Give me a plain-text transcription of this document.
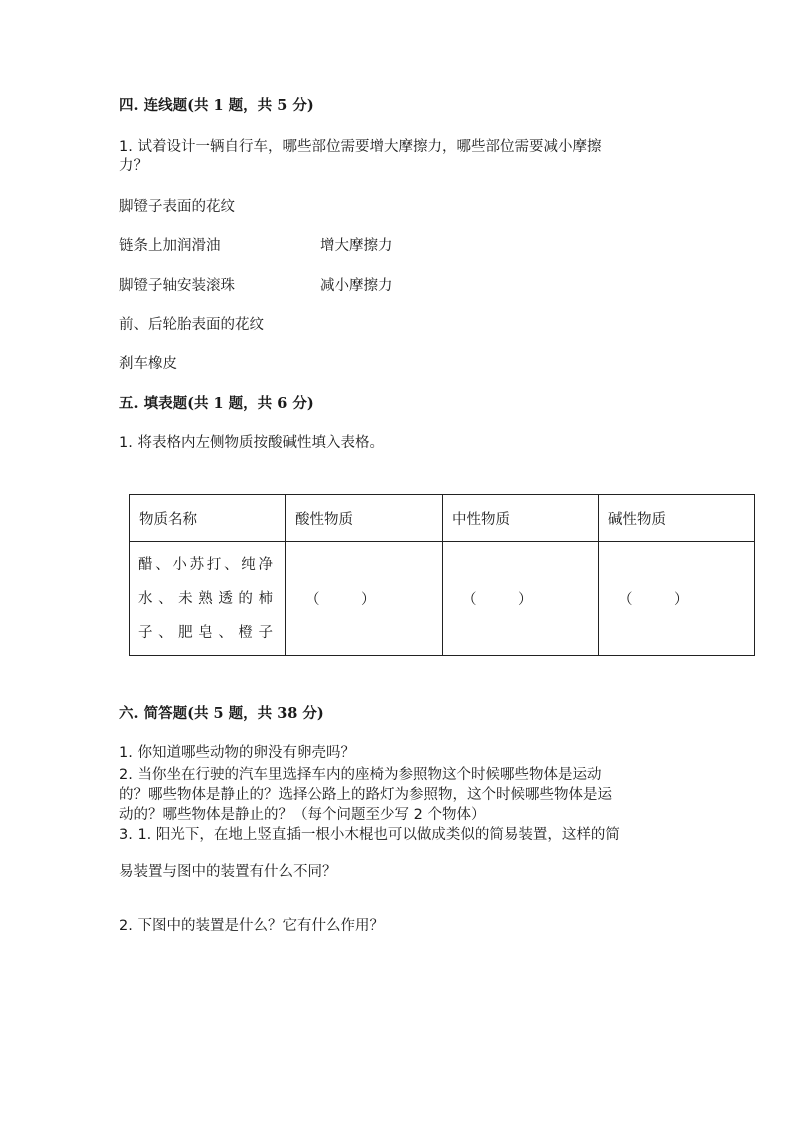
四. 连线题(共 1 题，共 5 分)
1. 试着设计一辆自行车，哪些部位需要增大摩擦力，哪些部位需要减小摩擦
力？
脚镫子表面的花纹
链条上加润滑油	增大摩擦力
脚镫子轴安装滚珠	减小摩擦力
前、后轮胎表面的花纹
刹车橡皮
五. 填表题(共 1 题，共 6 分)
1. 将表格内左侧物质按酸碱性填入表格。
物质名称	酸性物质	中性物质	碱性物质

醋、小苏打、纯净
水、未熟透的柿
子、肥皂、橙子	（         ）	（         ）	（         ）
六. 简答题(共 5 题，共 38 分)
1. 你知道哪些动物的卵没有卵壳吗？
2. 当你坐在行驶的汽车里选择车内的座椅为参照物这个时候哪些物体是运动
的？哪些物体是静止的？选择公路上的路灯为参照物，这个时候哪些物体是运
动的？哪些物体是静止的？（每个问题至少写 2 个物体）
3. 1. 阳光下，在地上竖直插一根小木棍也可以做成类似的简易装置，这样的简
易装置与图中的装置有什么不同？
2. 下图中的装置是什么？它有什么作用？
